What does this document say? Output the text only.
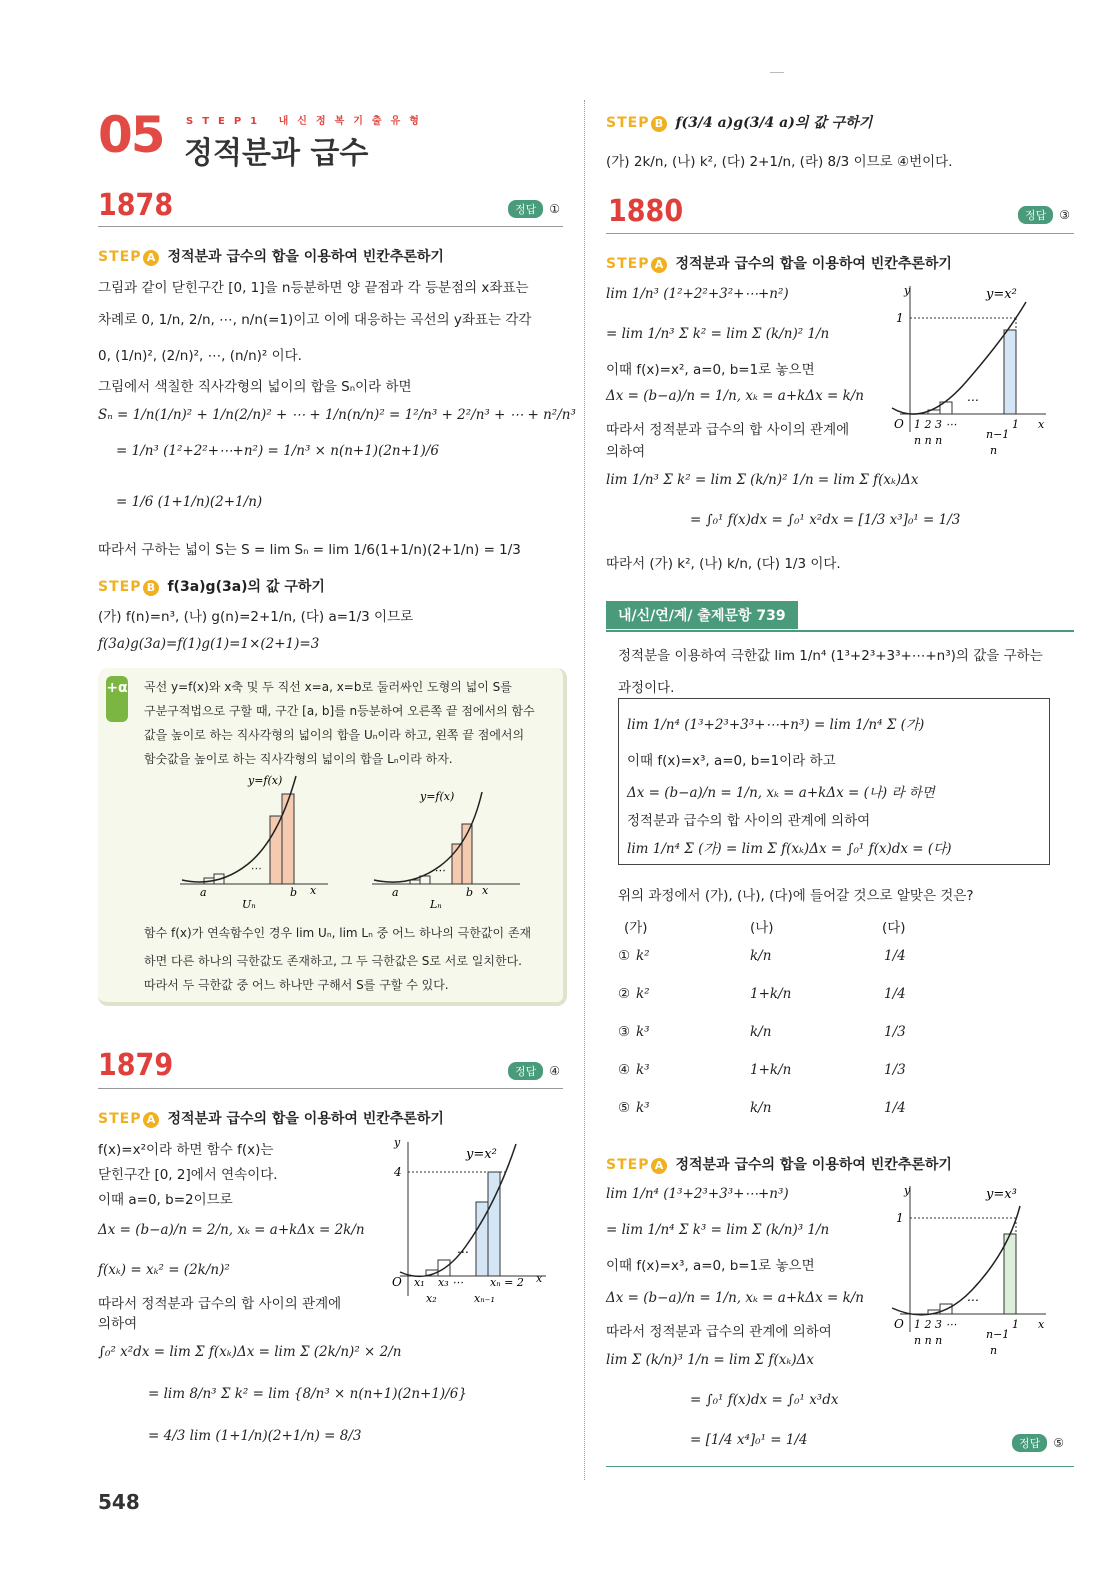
05 STEP1 내신정복기출유형
정적분과 급수
1878	정답 ①
STEP A 정적분과 급수의 합을 이용하여 빈칸추론하기
그림과 같이 닫힌구간 [0, 1]을 n등분하면 양 끝점과 각 등분점의 x좌표는
차례로 0, 1/n, 2/n, ⋯, n/n(=1)이고 이에 대응하는 곡선의 y좌표는 각각
0, (1/n)², (2/n)², ⋯, (n/n)² 이다.
그림에서 색칠한 직사각형의 넓이의 합을 Sₙ이라 하면
Sₙ = 1/n(1/n)² + 1/n(2/n)² + ⋯ + 1/n(n/n)² = 1²/n³ + 2²/n³ + ⋯ + n²/n³
= 1/n³ (1²+2²+⋯+n²) = 1/n³ × n(n+1)(2n+1)/6
= 1/6 (1+1/n)(2+1/n)
따라서 구하는 넓이 S는 S = lim Sₙ = lim 1/6(1+1/n)(2+1/n) = 1/3
STEP B f(3a)g(3a)의 값 구하기
(가) f(n)=n³, (나) g(n)=2+1/n, (다) a=1/3 이므로
f(3a)g(3a)=f(1)g(1)=1×(2+1)=3
+α 곡선 y=f(x)와 x축 및 두 직선 x=a, x=b로 둘러싸인 도형의 넓이 S를
구분구적법으로 구할 때, 구간 [a, b]를 n등분하여 오른쪽 끝 점에서의 함수
값을 높이로 하는 직사각형의 넓이의 합을 Uₙ이라 하고, 왼쪽 끝 점에서의
함숫값을 높이로 하는 직사각형의 넓이의 합을 Lₙ이라 하자.
⋯
a	b x
y=f(x)
Uₙ
⋯
a	b x
y=f(x)
Lₙ
함수 f(x)가 연속함수인 경우 lim Uₙ, lim Lₙ 중 어느 하나의 극한값이 존재
하면 다른 하나의 극한값도 존재하고, 그 두 극한값은 S로 서로 일치한다.
따라서 두 극한값 중 어느 하나만 구해서 S를 구할 수 있다.
1879	정답 ④
STEP A 정적분과 급수의 합을 이용하여 빈칸추론하기
f(x)=x²이라 하면 함수 f(x)는
닫힌구간 [0, 2]에서 연속이다.
이때 a=0, b=2이므로
Δx = (b−a)/n = 2/n, xₖ = a+kΔx = 2k/n
f(xₖ) = xₖ² = (2k/n)²
따라서 정적분과 급수의 합 사이의 관계에
의하여
∫₀² x²dx = lim Σ f(xₖ)Δx = lim Σ (2k/n)² × 2/n
= lim 8/n³ Σ k² = lim {8/n³ × n(n+1)(2n+1)/6}
= 4/3 lim (1+1/n)(2+1/n) = 8/3
y
4
y=x²
⋯
O x₁ x₃ ⋯
x₂
xₙ = 2
xₙ₋₁
x
548
STEP B f(3/4 a)g(3/4 a)의 값 구하기
(가) 2k/n, (나) k², (다) 2+1/n, (라) 8/3 이므로 ④번이다.
1880	정답 ③
STEP A 정적분과 급수의 합을 이용하여 빈칸추론하기
lim 1/n³ (1²+2²+3²+⋯+n²)
= lim 1/n³ Σ k² = lim Σ (k/n)² 1/n
이때 f(x)=x², a=0, b=1로 놓으면
Δx = (b−a)/n = 1/n, xₖ = a+kΔx = k/n
따라서 정적분과 급수의 합 사이의 관계에
의하여
lim 1/n³ Σ k² = lim Σ (k/n)² 1/n = lim Σ f(xₖ)Δx
= ∫₀¹ f(x)dx = ∫₀¹ x²dx = [1/3 x³]₀¹ = 1/3
따라서 (가) k², (나) k/n, (다) 1/3 이다.
y
1
y=x²
⋯
O 1 2 3 ⋯
n n n	n−1
n
1 x
내/신/연/계/ 출제문항 739
정적분을 이용하여 극한값 lim 1/n⁴ (1³+2³+3³+⋯+n³)의 값을 구하는
과정이다.
lim 1/n⁴ (1³+2³+3³+⋯+n³) = lim 1/n⁴ Σ (가)
이때 f(x)=x³, a=0, b=1이라 하고
Δx = (b−a)/n = 1/n, xₖ = a+kΔx = (나) 라 하면
정적분과 급수의 합 사이의 관계에 의하여
lim 1/n⁴ Σ (가) = lim Σ f(xₖ)Δx = ∫₀¹ f(x)dx = (다)
위의 과정에서 (가), (나), (다)에 들어갈 것으로 알맞은 것은?
(가)	(나)	(다)
① k²	k/n	1/4
② k²	1+k/n	1/4
③ k³	k/n	1/3
④ k³	1+k/n	1/3
⑤ k³	k/n	1/4
STEP A 정적분과 급수의 합을 이용하여 빈칸추론하기
lim 1/n⁴ (1³+2³+3³+⋯+n³)
= lim 1/n⁴ Σ k³ = lim Σ (k/n)³ 1/n
이때 f(x)=x³, a=0, b=1로 놓으면
Δx = (b−a)/n = 1/n, xₖ = a+kΔx = k/n
따라서 정적분과 급수의 관계에 의하여
lim Σ (k/n)³ 1/n = lim Σ f(xₖ)Δx
= ∫₀¹ f(x)dx = ∫₀¹ x³dx
= [1/4 x⁴]₀¹ = 1/4	정답 ⑤
y
1
y=x³
⋯
O 1 2 3 ⋯
n n n	n−1
n
1 x
